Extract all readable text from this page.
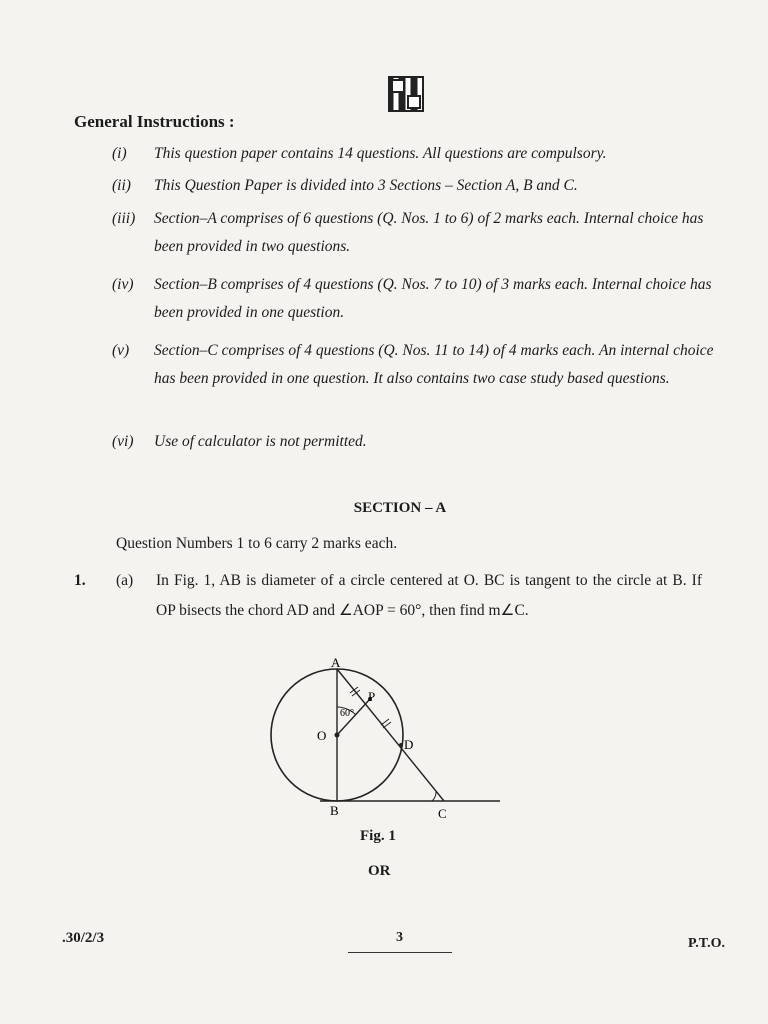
General Instructions :
(i) This question paper contains 14 questions. All questions are compulsory.
(ii) This Question Paper is divided into 3 Sections – Section A, B and C.
(iii) Section–A comprises of 6 questions (Q. Nos. 1 to 6) of 2 marks each. Internal choice has been provided in two questions.
(iv) Section–B comprises of 4 questions (Q. Nos. 7 to 10) of 3 marks each. Internal choice has been provided in one question.
(v) Section–C comprises of 4 questions (Q. Nos. 11 to 14) of 4 marks each. An internal choice has been provided in one question. It also contains two case study based questions.
(vi) Use of calculator is not permitted.
SECTION – A
Question Numbers 1 to 6 carry 2 marks each.
1. (a) In Fig. 1, AB is diameter of a circle centered at O. BC is tangent to the circle at B. If OP bisects the chord AD and ∠AOP = 60°, then find m∠C.
A
B	C
D
O
P
60°
Fig. 1
OR
.30/2/3	3	P.T.O.
